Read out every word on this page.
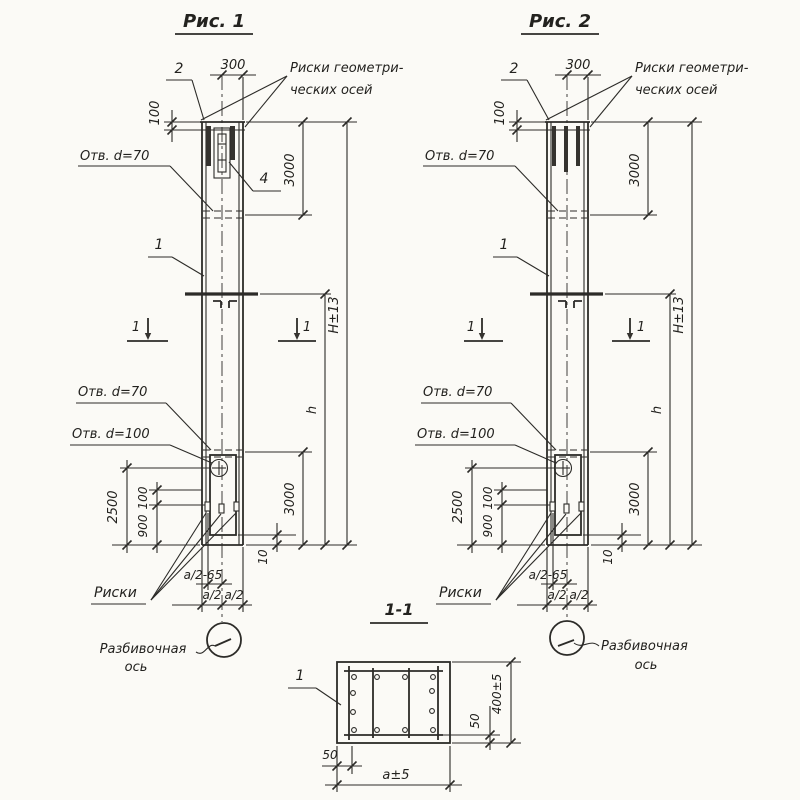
Рис. 1
300
100
3000
H±13
h
2500 100
900
3000
10
a/2-65
a/2 a/2
2	Риски геометри-
ческих осей
Отв. d=70
4
1
Отв. d=70
Отв. d=100
Риски
1	1
Разбивочная
ось
Рис. 2
300
100
3000
H±13
h
2500 100
900
3000
10
a/2-65
a/2 a/2
2	Риски геометри-
ческих осей
Отв. d=70
1
Отв. d=70
Отв. d=100
Риски
1	1
Разбивочная
ось
1-1
1
50
a±5
50
400±5
